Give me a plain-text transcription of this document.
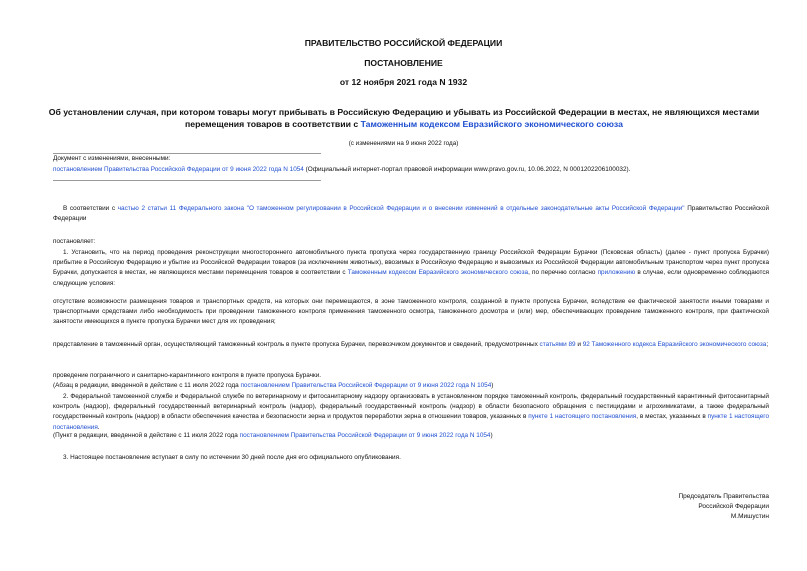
ПРАВИТЕЛЬСТВО РОССИЙСКОЙ ФЕДЕРАЦИИ
ПОСТАНОВЛЕНИЕ
от 12 ноября 2021 года N 1932
Об установлении случая, при котором товары могут прибывать в Российскую Федерацию и убывать из Российской Федерации в местах, не являющихся местами перемещения товаров в соответствии с Таможенным кодексом Евразийского экономического союза
(с изменениями на 9 июня 2022 года)

Документ с изменениями, внесенными:

постановлением Правительства Российской Федерации от 9 июня 2022 года N 1054 (Официальный интернет-портал правовой информации www.pravo.gov.ru, 10.06.2022, N 0001202206100032).

В соответствии с частью 2 статьи 11 Федерального закона "О таможенном регулировании в Российской Федерации и о внесении изменений в отдельные законодательные акты Российской Федерации" Правительство Российской Федерации

постановляет:

1. Установить, что на период проведения реконструкции многостороннего автомобильного пункта пропуска через государственную границу Российской Федерации Бурачки (Псковская область) (далее - пункт пропуска Бурачки) прибытие в Российскую Федерацию и убытие из Российской Федерации товаров (за исключением животных), ввозимых в Российскую Федерацию и вывозимых из Российской Федерации автомобильным транспортом через пункт пропуска Бурачки, допускается в местах, не являющихся местами перемещения товаров в соответствии с Таможенным кодексом Евразийского экономического союза, по перечню согласно приложению в случае, если одновременно соблюдаются следующие условия:

отсутствие возможности размещения товаров и транспортных средств, на которых они перемещаются, в зоне таможенного контроля, созданной в пункте пропуска Бурачки, вследствие ее фактической занятости иными товарами и транспортными средствами либо необходимость при проведении таможенного контроля применения таможенного осмотра, таможенного досмотра и (или) мер, обеспечивающих проведение таможенного контроля, при фактической занятости имеющихся в пункте пропуска Бурачки мест для их проведения;

представление в таможенный орган, осуществляющий таможенный контроль в пункте пропуска Бурачки, перевозчиком документов и сведений, предусмотренных статьями 89 и 92 Таможенного кодекса Евразийского экономического союза;

проведение пограничного и санитарно-карантинного контроля в пункте пропуска Бурачки.

(Абзац в редакции, введенной в действие с 11 июля 2022 года постановлением Правительства Российской Федерации от 9 июня 2022 года N 1054)

2. Федеральной таможенной службе и Федеральной службе по ветеринарному и фитосанитарному надзору организовать в установленном порядке таможенный контроль, федеральный государственный карантинный фитосанитарный контроль (надзор), федеральный государственный ветеринарный контроль (надзор), федеральный государственный контроль (надзор) в области безопасного обращения с пестицидами и агрохимикатами, а также федеральный государственный контроль (надзор) в области обеспечения качества и безопасности зерна и продуктов переработки зерна в отношении товаров, указанных в пункте 1 настоящего постановления, в местах, указанных в пункте 1 настоящего постановления.

(Пункт в редакции, введенной в действие с 11 июля 2022 года постановлением Правительства Российской Федерации от 9 июня 2022 года N 1054)

3. Настоящее постановление вступает в силу по истечении 30 дней после дня его официального опубликования.

Председатель Правительства
Российской Федерации
М.Мишустин
